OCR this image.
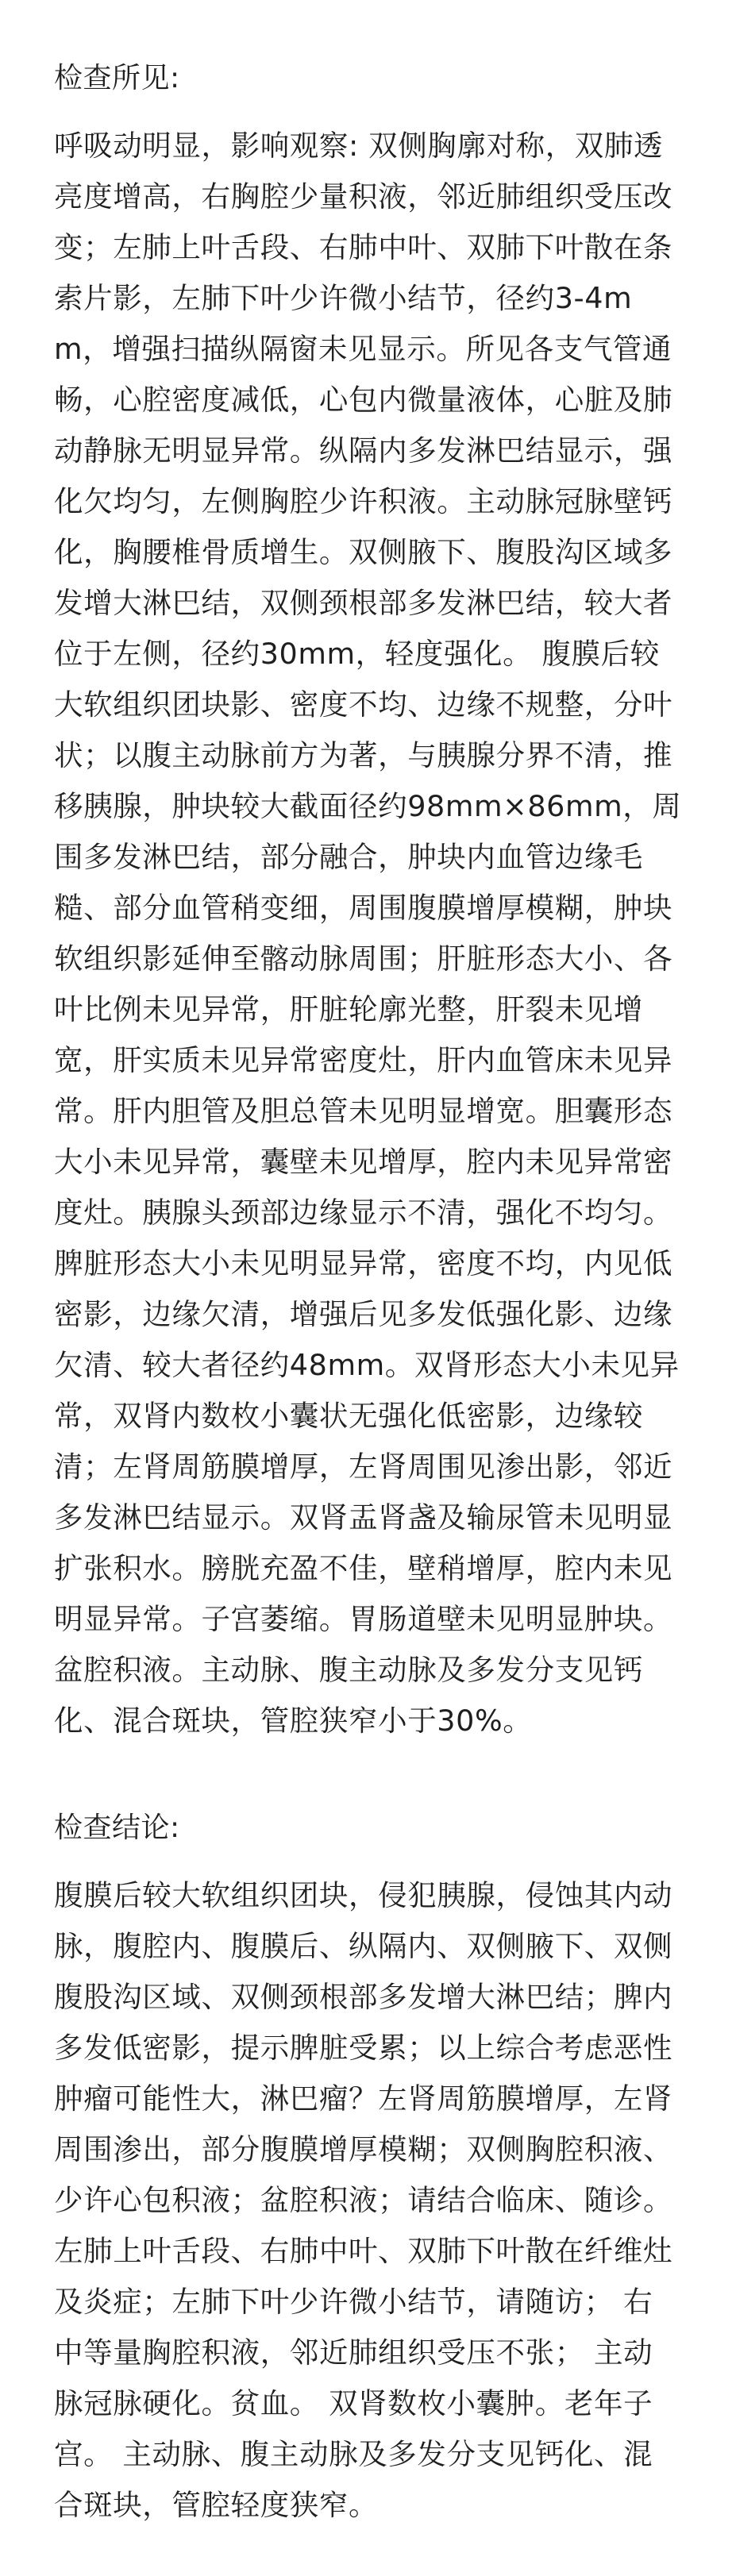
检查所见:

呼吸动明显，影响观察: 双侧胸廓对称，双肺透亮度增高，右胸腔少量积液，邻近肺组织受压改变；左肺上叶舌段、右肺中叶、双肺下叶散在条索片影，左肺下叶少许微小结节，径约3-4mm，增强扫描纵隔窗未见显示。所见各支气管通畅，心腔密度减低，心包内微量液体，心脏及肺动静脉无明显异常。纵隔内多发淋巴结显示，强化欠均匀，左侧胸腔少许积液。主动脉冠脉壁钙化，胸腰椎骨质增生。双侧腋下、腹股沟区域多发增大淋巴结，双侧颈根部多发淋巴结，较大者位于左侧，径约30mm，轻度强化。 腹膜后较大软组织团块影、密度不均、边缘不规整，分叶状；以腹主动脉前方为著，与胰腺分界不清，推移胰腺，肿块较大截面径约98mm×86mm，周围多发淋巴结，部分融合，肿块内血管边缘毛糙、部分血管稍变细，周围腹膜增厚模糊，肿块软组织影延伸至髂动脉周围；肝脏形态大小、各叶比例未见异常，肝脏轮廓光整，肝裂未见增宽，肝实质未见异常密度灶，肝内血管床未见异常。肝内胆管及胆总管未见明显增宽。胆囊形态大小未见异常，囊壁未见增厚，腔内未见异常密度灶。胰腺头颈部边缘显示不清，强化不均匀。脾脏形态大小未见明显异常，密度不均，内见低密影，边缘欠清，增强后见多发低强化影、边缘欠清、较大者径约48mm。双肾形态大小未见异常，双肾内数枚小囊状无强化低密影，边缘较清；左肾周筋膜增厚，左肾周围见渗出影，邻近多发淋巴结显示。双肾盂肾盏及输尿管未见明显扩张积水。膀胱充盈不佳，壁稍增厚，腔内未见明显异常。子宫萎缩。胃肠道壁未见明显肿块。盆腔积液。主动脉、腹主动脉及多发分支见钙化、混合斑块，管腔狭窄小于30%。

检查结论:

腹膜后较大软组织团块，侵犯胰腺，侵蚀其内动脉，腹腔内、腹膜后、纵隔内、双侧腋下、双侧腹股沟区域、双侧颈根部多发增大淋巴结；脾内多发低密影，提示脾脏受累；以上综合考虑恶性肿瘤可能性大，淋巴瘤？左肾周筋膜增厚，左肾周围渗出，部分腹膜增厚模糊；双侧胸腔积液、少许心包积液；盆腔积液；请结合临床、随诊。 左肺上叶舌段、右肺中叶、双肺下叶散在纤维灶及炎症；左肺下叶少许微小结节，请随访； 右中等量胸腔积液，邻近肺组织受压不张； 主动脉冠脉硬化。贫血。 双肾数枚小囊肿。老年子宫。 主动脉、腹主动脉及多发分支见钙化、混合斑块，管腔轻度狭窄。
